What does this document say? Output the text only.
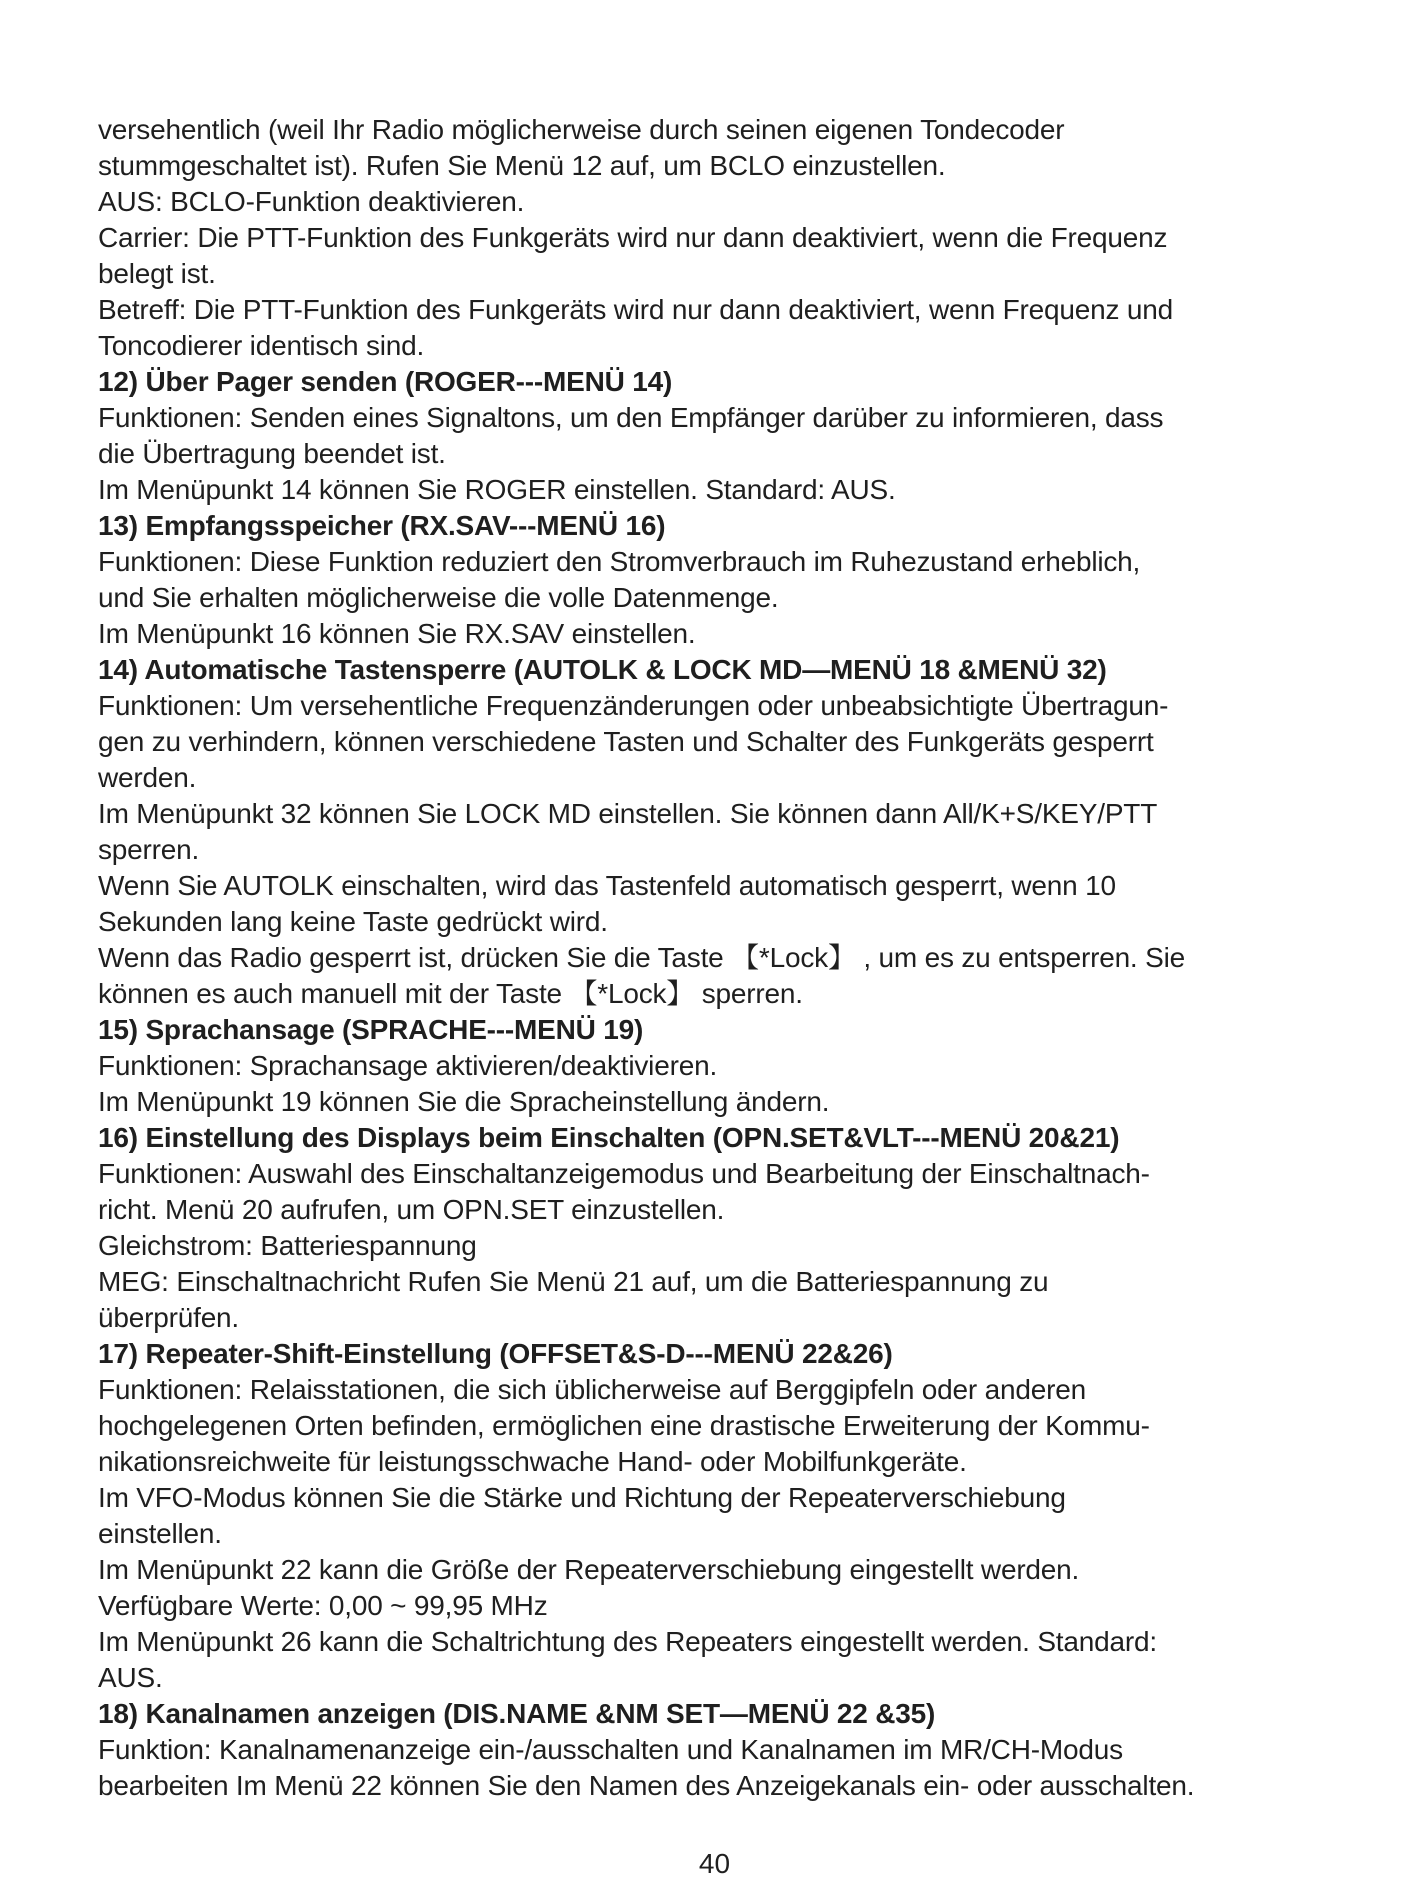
versehentlich (weil Ihr Radio möglicherweise durch seinen eigenen Tondecoder
stummgeschaltet ist). Rufen Sie Menü 12 auf, um BCLO einzustellen.
AUS: BCLO-Funktion deaktivieren.
Carrier: Die PTT-Funktion des Funkgeräts wird nur dann deaktiviert, wenn die Frequenz
belegt ist.
Betreff: Die PTT-Funktion des Funkgeräts wird nur dann deaktiviert, wenn Frequenz und
Toncodierer identisch sind.
12) Über Pager senden (ROGER---MENÜ 14)
Funktionen: Senden eines Signaltons, um den Empfänger darüber zu informieren, dass
die Übertragung beendet ist.
Im Menüpunkt 14 können Sie ROGER einstellen. Standard: AUS.
13) Empfangsspeicher (RX.SAV---MENÜ 16)
Funktionen: Diese Funktion reduziert den Stromverbrauch im Ruhezustand erheblich,
und Sie erhalten möglicherweise die volle Datenmenge.
Im Menüpunkt 16 können Sie RX.SAV einstellen.
14) Automatische Tastensperre (AUTOLK & LOCK MD—MENÜ 18 &MENÜ 32)
Funktionen: Um versehentliche Frequenzänderungen oder unbeabsichtigte Übertragun-
gen zu verhindern, können verschiedene Tasten und Schalter des Funkgeräts gesperrt
werden.
Im Menüpunkt 32 können Sie LOCK MD einstellen. Sie können dann All/K+S/KEY/PTT
sperren.
Wenn Sie AUTOLK einschalten, wird das Tastenfeld automatisch gesperrt, wenn 10
Sekunden lang keine Taste gedrückt wird.
Wenn das Radio gesperrt ist, drücken Sie die Taste 【*Lock】 , um es zu entsperren. Sie
können es auch manuell mit der Taste 【*Lock】 sperren.
15) Sprachansage (SPRACHE---MENÜ 19)
Funktionen: Sprachansage aktivieren/deaktivieren.
Im Menüpunkt 19 können Sie die Spracheinstellung ändern.
16) Einstellung des Displays beim Einschalten (OPN.SET&VLT---MENÜ 20&21)
Funktionen: Auswahl des Einschaltanzeigemodus und Bearbeitung der Einschaltnach-
richt. Menü 20 aufrufen, um OPN.SET einzustellen.
Gleichstrom: Batteriespannung
MEG: Einschaltnachricht Rufen Sie Menü 21 auf, um die Batteriespannung zu
überprüfen.
17) Repeater-Shift-Einstellung (OFFSET&S-D---MENÜ 22&26)
Funktionen: Relaisstationen, die sich üblicherweise auf Berggipfeln oder anderen
hochgelegenen Orten befinden, ermöglichen eine drastische Erweiterung der Kommu-
nikationsreichweite für leistungsschwache Hand- oder Mobilfunkgeräte.
Im VFO-Modus können Sie die Stärke und Richtung der Repeaterverschiebung
einstellen.
Im Menüpunkt 22 kann die Größe der Repeaterverschiebung eingestellt werden.
Verfügbare Werte: 0,00 ~ 99,95 MHz
Im Menüpunkt 26 kann die Schaltrichtung des Repeaters eingestellt werden. Standard:
AUS.
18) Kanalnamen anzeigen (DIS.NAME &NM SET—MENÜ 22 &35)
Funktion: Kanalnamenanzeige ein-/ausschalten und Kanalnamen im MR/CH-Modus
bearbeiten Im Menü 22 können Sie den Namen des Anzeigekanals ein- oder ausschalten.
40
